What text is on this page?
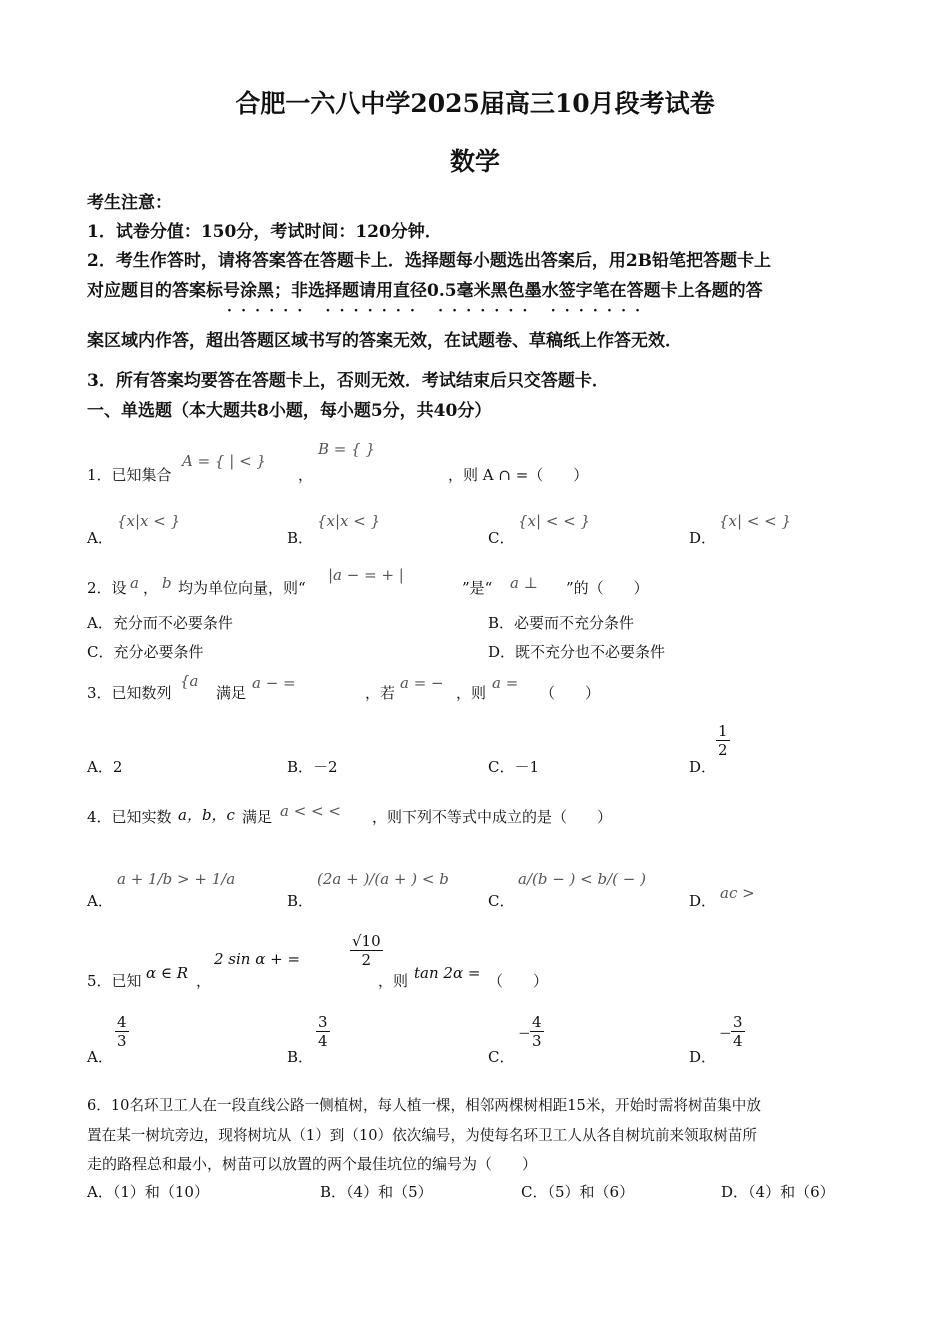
合肥一六八中学2025届高三10月段考试卷
数学
考生注意：
1．试卷分值：150分，考试时间：120分钟．
2．考生作答时，请将答案答在答题卡上．选择题每小题选出答案后，用2B铅笔把答题卡上
对应题目的答案标号涂黑；非选择题请用直径0.5毫米黑色墨水签字笔在答题卡上各题的答
······ ······· ······· ·······
案区域内作答，超出答题区域书写的答案无效，在试题卷、草稿纸上作答无效．
3．所有答案均要答在答题卡上，否则无效．考试结束后只交答题卡．
一、单选题（本大题共8小题，每小题5分，共40分）
1．已知集合
A = { | < }
，
B = { }
，则 A ∩ =（　　）
A．
{x|x < }
B．
{x|x < }
C．
{x| < < }
D．
{x| < < }
2．设 a ， b 均为单位向量，则“
|a − = + |
”是“ a ⊥ ”的（　　）
A．充分而不必要条件	B．必要而不充分条件
C．充分必要条件	D．既不充分也不必要条件
3．已知数列
{a
满足
a − =
，若
a = −
，则
a =
（　　）
A．2	B．－2	C．－1	D．
$\frac{1}{2}$
4．已知实数 a，b，c 满足 a < < < ，则下列不等式中成立的是（　　）
A．
a + 1/b > + 1/a
B．
(2a + )/(a + ) < b
C．
a/(b − ) < b/( − )
D． ac >
5．已知 α ∈ R ，
2 sin α + =	$\frac{√10}{2}$
，则 tan 2α = （　　）
A．
$\frac{4}{3}$
B．
$\frac{3}{4}$
C．
− $\frac{4}{3}$
D．
− $\frac{3}{4}$
6．10名环卫工人在一段直线公路一侧植树，每人植一棵，相邻两棵树相距15米，开始时需将树苗集中放
置在某一树坑旁边，现将树坑从（1）到（10）依次编号，为使每名环卫工人从各自树坑前来领取树苗所
走的路程总和最小，树苗可以放置的两个最佳坑位的编号为（　　）
A．（1）和（10）	B．（4）和（5）	C．（5）和（6）	D．（4）和（6）
